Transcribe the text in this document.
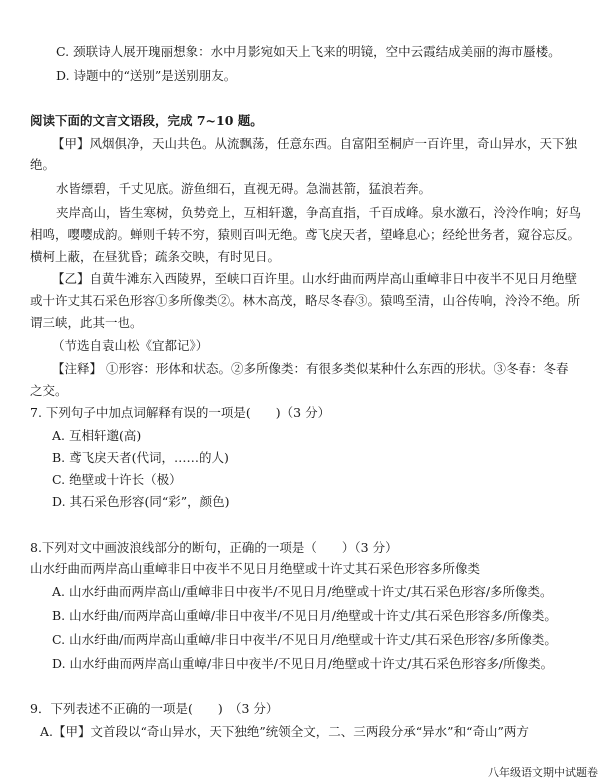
C. 颈联诗人展开瑰丽想象：水中月影宛如天上飞来的明镜，空中云霞结成美丽的海市蜃楼。
D. 诗题中的“送别”是送别朋友。
阅读下面的文言文语段，完成 7~10 题。
【甲】风烟俱净，天山共色。从流飘荡，任意东西。自富阳至桐庐一百许里，奇山异水，天下独
绝。
水皆缥碧，千丈见底。游鱼细石，直视无碍。急湍甚箭，猛浪若奔。
夹岸高山，皆生寒树，负势竞上，互相轩邈，争高直指，千百成峰。泉水激石，泠泠作响；好鸟
相鸣，嘤嘤成韵。蝉则千转不穷，猿则百叫无绝。鸢飞戾天者，望峰息心；经纶世务者，窥谷忘反。
横柯上蔽，在昼犹昏；疏条交映，有时见日。
【乙】自黄牛滩东入西陵界，至峡口百许里。山水纡曲而两岸高山重嶂非日中夜半不见日月绝壁
或十许丈其石采色形容①多所像类②。林木高茂，略尽冬春③。猿鸣至清，山谷传响，泠泠不绝。所
谓三峡，此其一也。
（节选自袁山松《宜都记》）
【注释】 ①形容：形体和状态。②多所像类：有很多类似某种什么东西的形状。③冬春：冬春
之交。
7. 下列句子中加点词解释有误的一项是(　　)（3 分）
A. 互相轩邈(高)
B. 鸢飞戾天者(代词，……的人)
C. 绝壁或十许长（极）
D. 其石采色形容(同“彩”，颜色)
8.下列对文中画波浪线部分的断句，正确的一项是（　　）（3 分）
山水纡曲而两岸高山重嶂非日中夜半不见日月绝壁或十许丈其石采色形容多所像类
A. 山水纡曲而两岸高山/重嶂非日中夜半/不见日月/绝壁或十许丈/其石采色形容/多所像类。
B. 山水纡曲/而两岸高山重嶂/非日中夜半/不见日月/绝壁或十许丈/其石采色形容多/所像类。
C. 山水纡曲/而两岸高山重嶂/非日中夜半/不见日月/绝壁或十许丈/其石采色形容/多所像类。
D. 山水纡曲而两岸高山重嶂/非日中夜半/不见日月/绝壁或十许丈/其石采色形容多/所像类。
9．下列表述不正确的一项是(　　)　（3 分）
A.【甲】文首段以“奇山异水，天下独绝”统领全文，二、三两段分承“异水”和“奇山”两方
八年级语文期中试题卷
